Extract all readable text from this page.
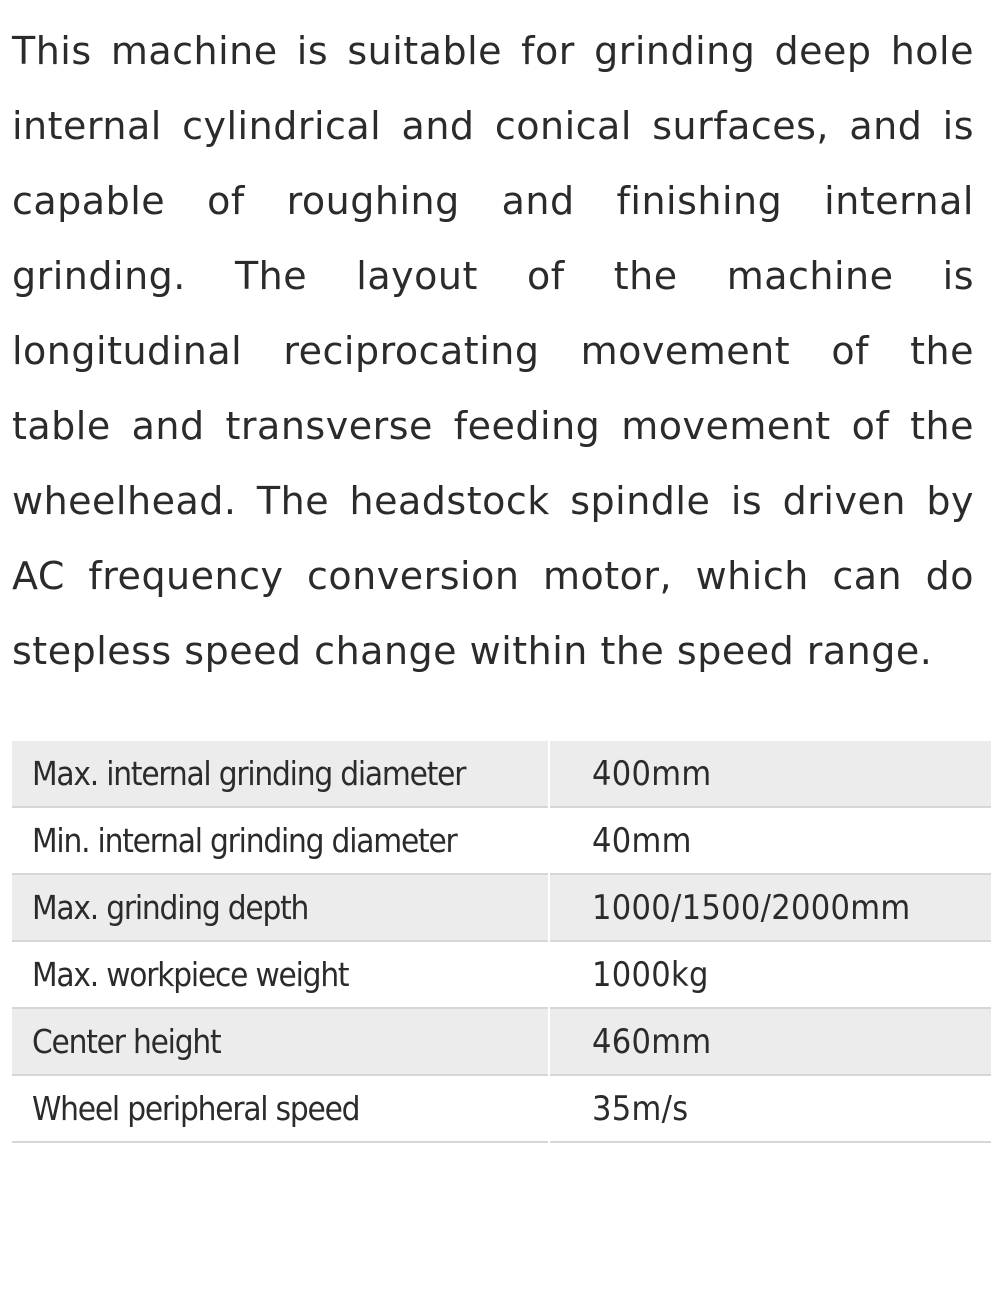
This machine is suitable for grinding deep hole
internal cylindrical and conical surfaces, and is
capable of roughing and finishing internal
grinding. The layout of the machine is
longitudinal reciprocating movement of the
table and transverse feeding movement of the
wheelhead. The headstock spindle is driven by
AC frequency conversion motor, which can do
stepless speed change within the speed range.
Max. internal grinding diameter	400mm
Min. internal grinding diameter	40mm
Max. grinding depth	1000/1500/2000mm
Max. workpiece weight	1000kg
Center height	460mm
Wheel peripheral speed	35m/s
